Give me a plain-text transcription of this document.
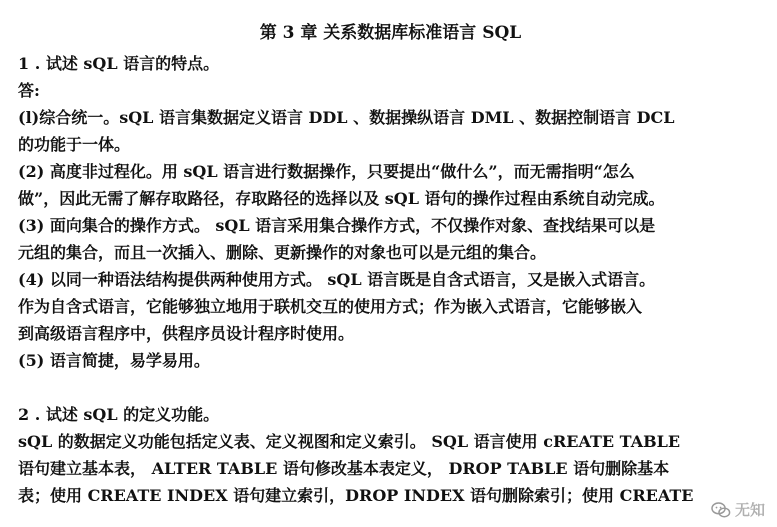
第 3 章 关系数据库标准语言 SQL
1 . 试述 sQL 语言的特点。
答:
(l)综合统一。sQL 语言集数据定义语言 DDL 、数据操纵语言 DML 、数据控制语言 DCL
的功能于一体。
(2) 高度非过程化。用 sQL 语言进行数据操作，只要提出“做什么”，而无需指明“怎么
做”，因此无需了解存取路径，存取路径的选择以及 sQL 语句的操作过程由系统自动完成。
(3) 面向集合的操作方式。 sQL 语言采用集合操作方式，不仅操作对象、查找结果可以是
元组的集合，而且一次插入、删除、更新操作的对象也可以是元组的集合。
(4) 以同一种语法结构提供两种使用方式。 sQL 语言既是自含式语言，又是嵌入式语言。
作为自含式语言，它能够独立地用于联机交互的使用方式；作为嵌入式语言，它能够嵌入
到高级语言程序中，供程序员设计程序时使用。
(5) 语言简捷，易学易用。
2 . 试述 sQL 的定义功能。
sQL 的数据定义功能包括定义表、定义视图和定义索引。 SQL 语言使用 cREATE TABLE
语句建立基本表， ALTER TABLE 语句修改基本表定义， DROP TABLE 语句删除基本
表；使用 CREATE INDEX 语句建立索引，DROP INDEX 语句删除索引；使用 CREATE
无知
